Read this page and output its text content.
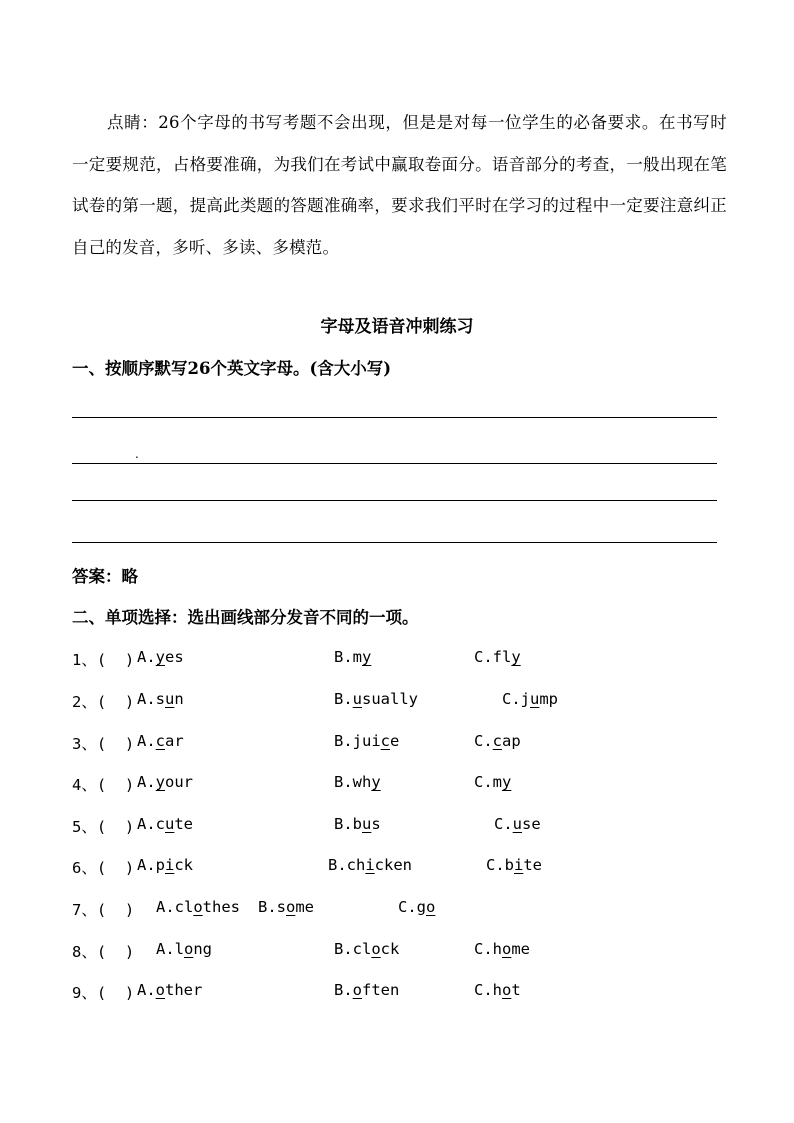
点睛：26个字母的书写考题不会出现，但是是对每一位学生的必备要求。在书写时一定要规范，占格要准确，为我们在考试中赢取卷面分。语音部分的考查，一般出现在笔试卷的第一题，提高此类题的答题准确率，要求我们平时在学习的过程中一定要注意纠正自己的发音，多听、多读、多模范。

字母及语音冲刺练习

一、按顺序默写26个英文字母。(含大小写)

.

答案：略

二、单项选择：选出画线部分发音不同的一项。

1、(  ) A.yes	B.my	C.fly
2、(  ) A.sun	B.usually	C.jump
3、(  ) A.car	B.juice	C.cap
4、(  ) A.your	B.why	C.my
5、(  ) A.cute	B.bus	C.use
6、(  ) A.pick	B.chicken	C.bite
7、(  ) A.clothes B.some	C.go
8、(  ) A.long	B.clock	C.home
9、(  ) A.other	B.often	C.hot
